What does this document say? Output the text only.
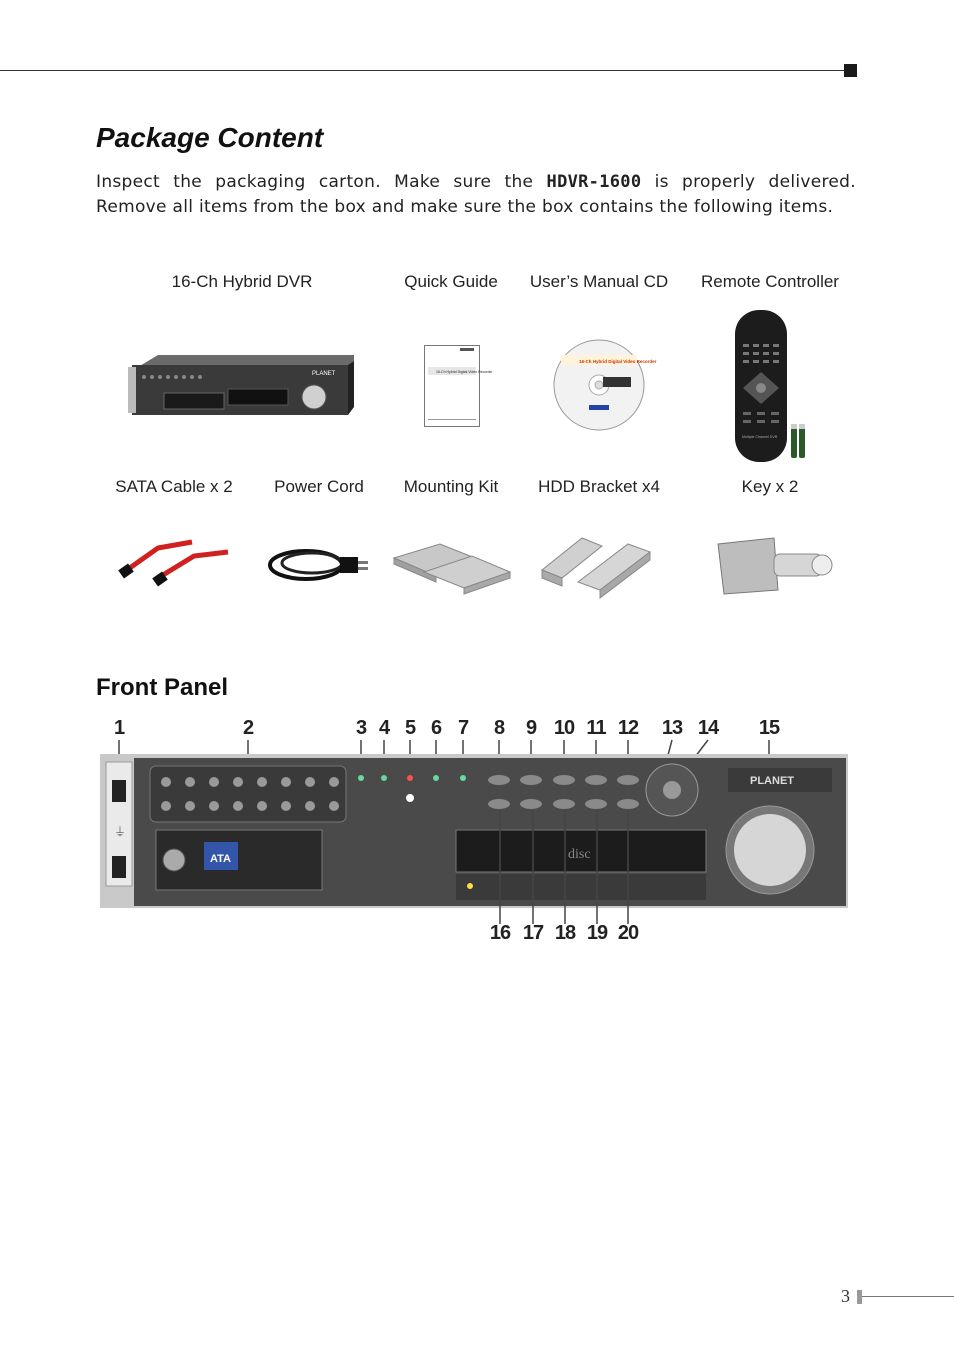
Package Content
Inspect the packaging carton. Make sure the HDVR-1600 is properly delivered. Remove all items from the box and make sure the box contains the following items.
16-Ch Hybrid DVR	Quick Guide User’s Manual CD Remote Controller
PLANET	16-Ch Hybrid Digital Video Recorder
16-Ch Hybrid Digital Video Recorder
Multiple Channel DVR
SATA Cable x 2 Power Cord Mounting Kit HDD Bracket x4	Key x 2
Front Panel
1	2	3 4 5 6 7 8 9 10 11 12 13 14 15
16 17 18 19 20
⏚
ATA	disc
PLANET
3
